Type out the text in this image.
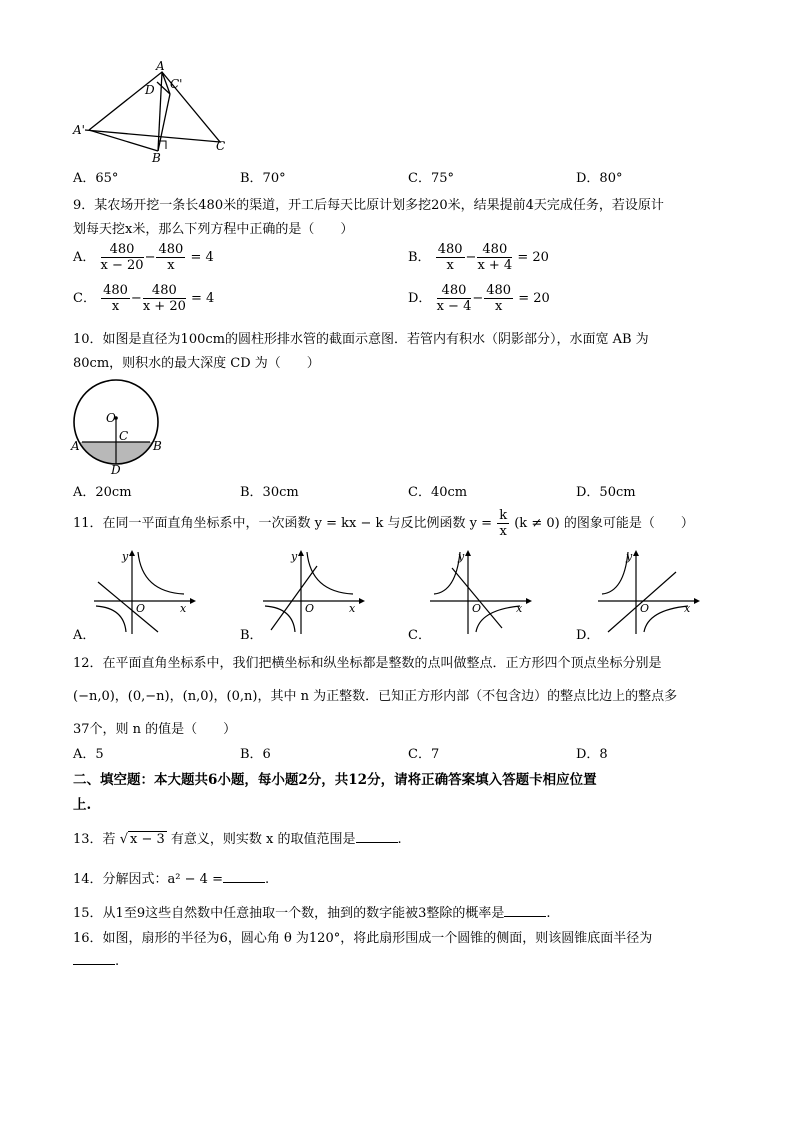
A
C'
D
A'
B
C
A．65°	B．70°	C．75°	D．80°
9．某农场开挖一条长480米的渠道，开工后每天比原计划多挖20米，结果提前4天完成任务，若设原计
划每天挖x米，那么下列方程中正确的是（　　）
A． $\frac{480}{x - 20} - \frac{480}{x} = 4$	B． $\frac{480}{x} - \frac{480}{x + 4} = 20$
C． $\frac{480}{x} - \frac{480}{x + 20} = 4$	D． $\frac{480}{x - 4} - \frac{480}{x} = 20$
10．如图是直径为100cm的圆柱形排水管的截面示意图．若管内有积水（阴影部分），水面宽 AB 为
80cm，则积水的最大深度 CD 为（　　）
O
C
A	B
D
A．20cm	B．30cm	C．40cm	D．50cm
11．在同一平面直角坐标系中，一次函数 y = kx − k 与反比例函数 $y = \frac{k}{x} (k \ne 0)$ 的图象可能是（　　）
y
x
O
y
x
O
y
x
O
y
x
O
A．	B．	C．	D．
12．在平面直角坐标系中，我们把横坐标和纵坐标都是整数的点叫做整点．正方形四个顶点坐标分别是
(−n,0)，(0,−n)，(n,0)，(0,n)，其中 n 为正整数．已知正方形内部（不包含边）的整点比边上的整点多
37个，则 n 的值是（　　）
A．5	B．6	C．7	D．8
二、填空题：本大题共6小题，每小题2分，共12分，请将正确答案填入答题卡相应位置
上.
13．若 √ x − 3 有意义，则实数 x 的取值范围是	.
14．分解因式：a² − 4 =	.
15．从1至9这些自然数中任意抽取一个数，抽到的数字能被3整除的概率是	.
16．如图，扇形的半径为6，圆心角 θ 为120°，将此扇形围成一个圆锥的侧面，则该圆锥底面半径为
.
